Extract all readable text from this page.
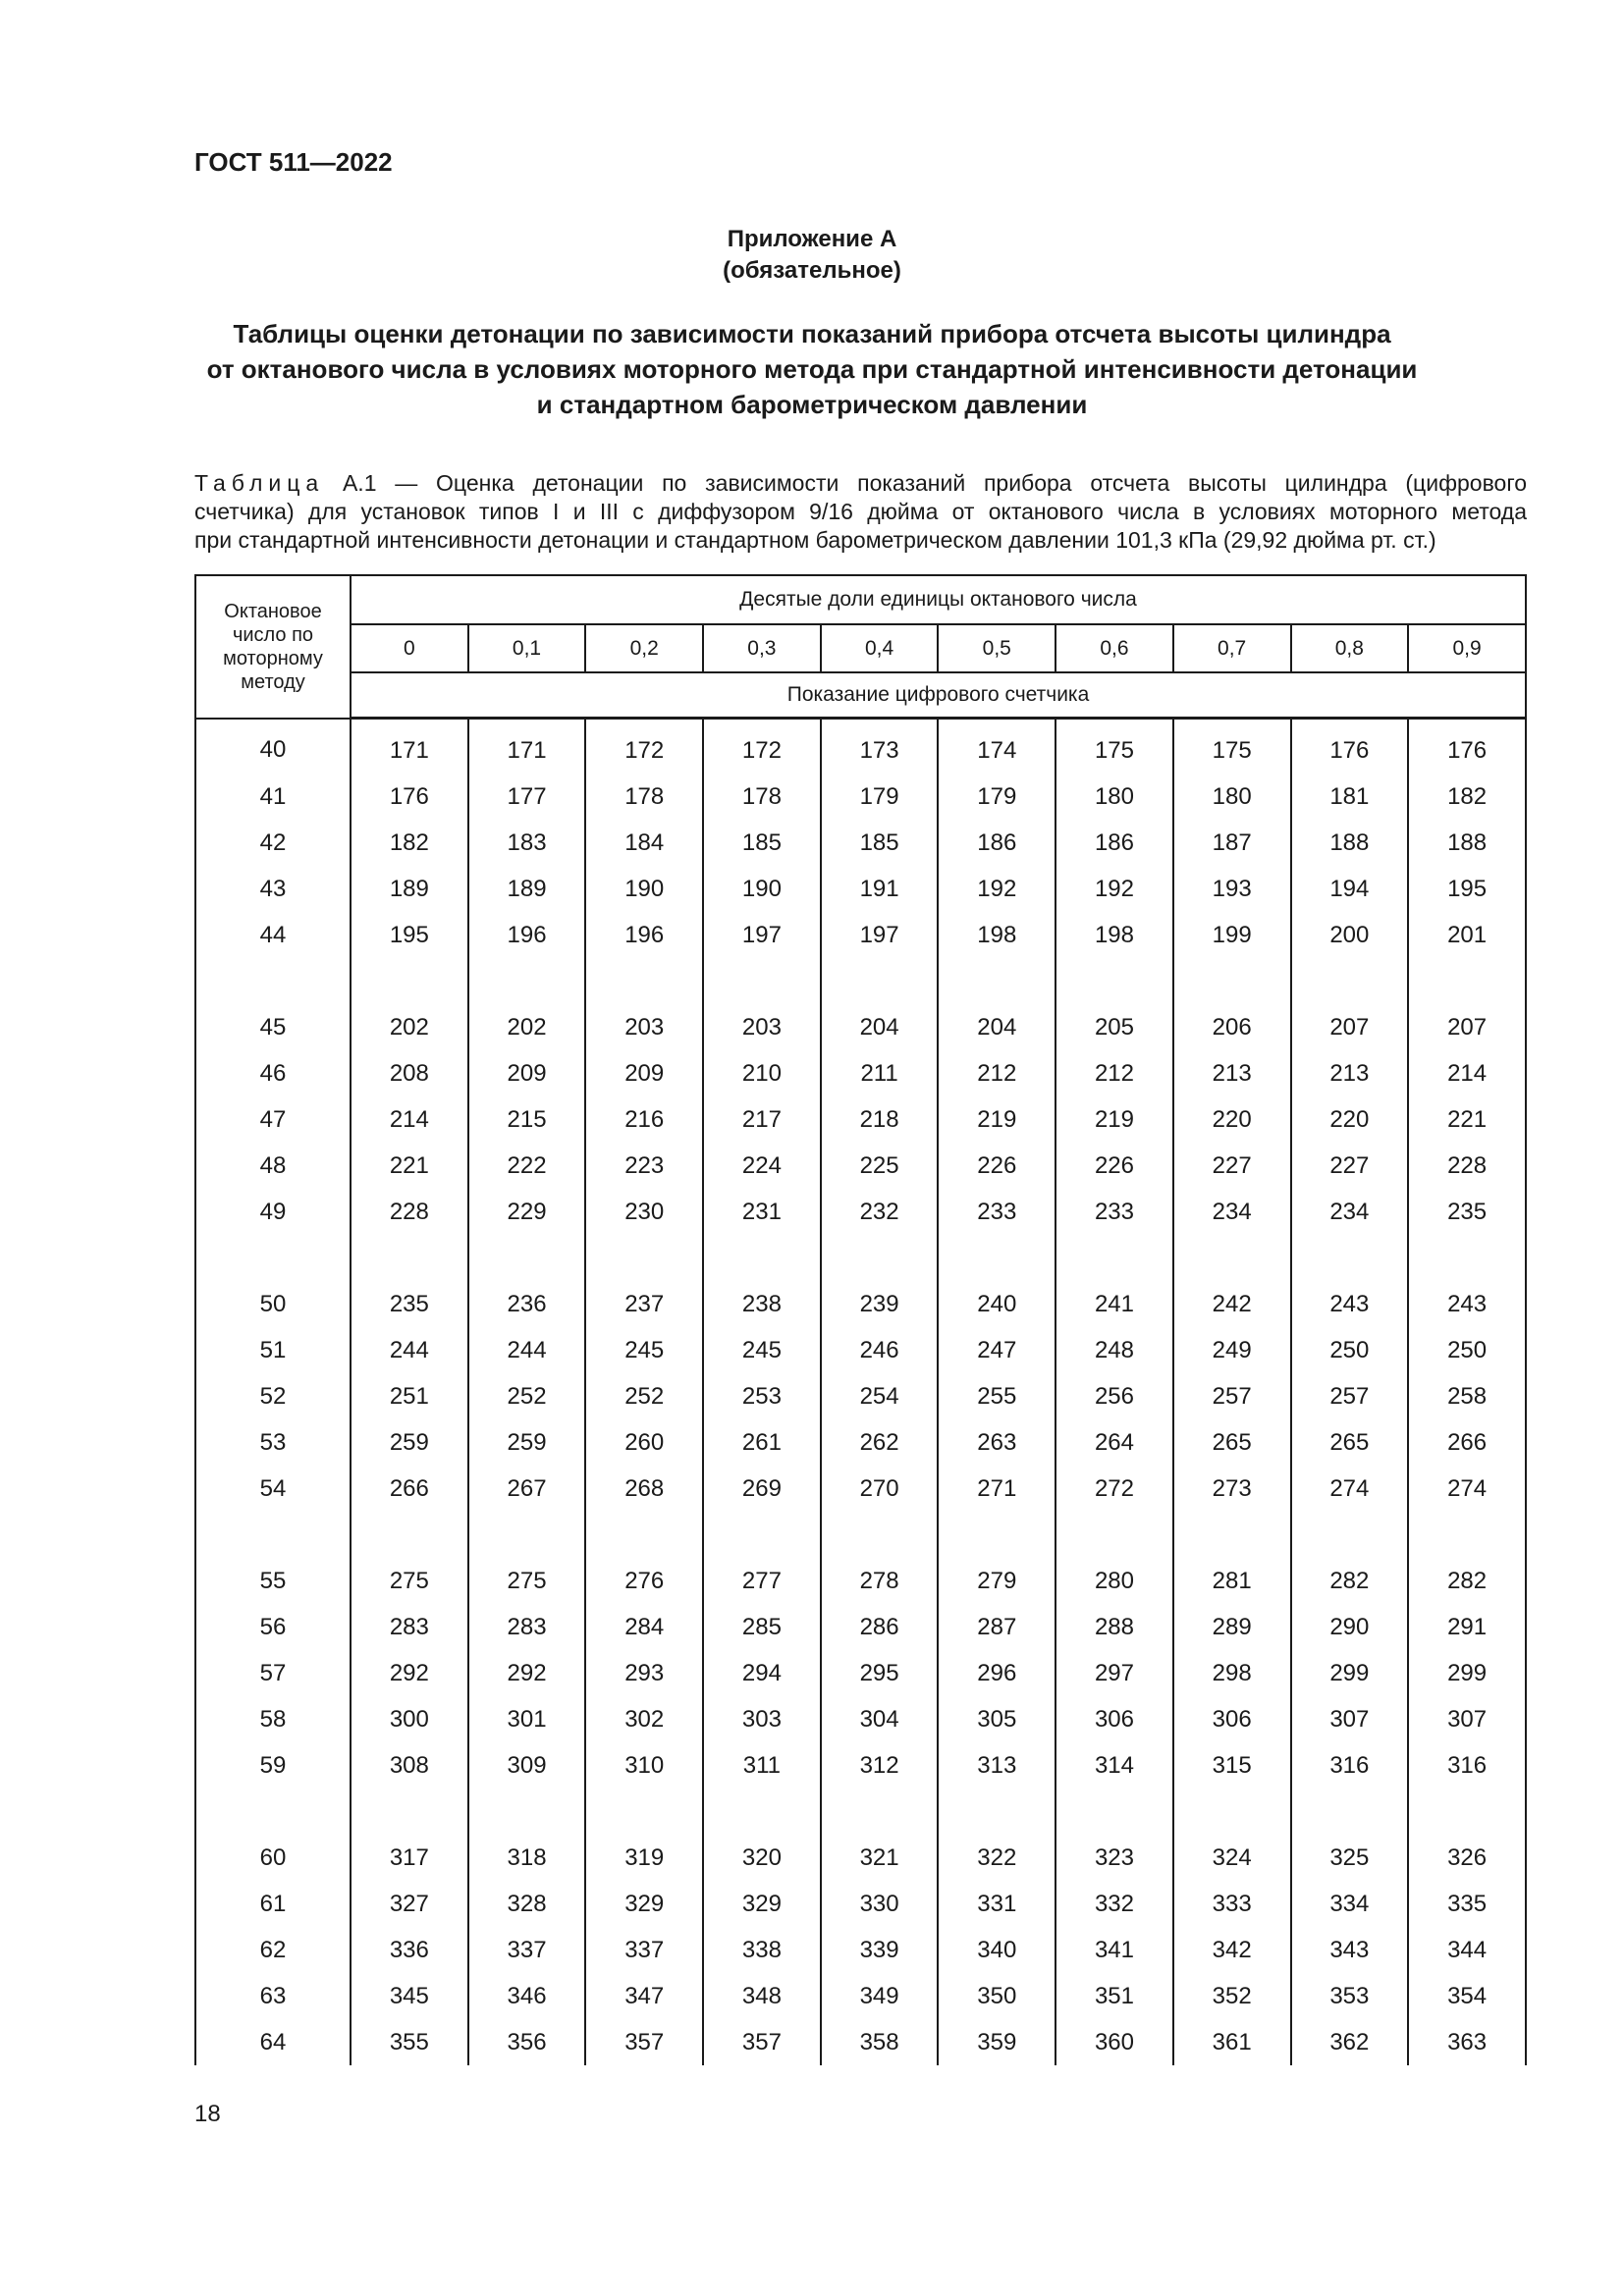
ГОСТ 511—2022
Приложение А
(обязательное)
Таблицы оценки детонации по зависимости показаний прибора отсчета высоты цилиндра
от октанового числа в условиях моторного метода при стандартной интенсивности детонации
и стандартном барометрическом давлении
Таблица А.1 — Оценка детонации по зависимости показаний прибора отсчета высоты цилиндра (цифрового
счетчика) для установок типов I и III с диффузором 9/16 дюйма от октанового числа в условиях моторного метода
при стандартной интенсивности детонации и стандартном барометрическом давлении 101,3 кПа (29,92 дюйма рт. ст.)
Октановое число по моторному методу	Десятые доли единицы октанового числа									
	0	0,1	0,2	0,3	0,4	0,5	0,6	0,7	0,8	0,9
	Показание цифрового счетчика									
40	171	171	172	172	173	174	175	175	176	176
41	176	177	178	178	179	179	180	180	181	182
42	182	183	184	185	185	186	186	187	188	188
43	189	189	190	190	191	192	192	193	194	195
44	195	196	196	197	197	198	198	199	200	201

45	202	202	203	203	204	204	205	206	207	207
46	208	209	209	210	211	212	212	213	213	214
47	214	215	216	217	218	219	219	220	220	221
48	221	222	223	224	225	226	226	227	227	228
49	228	229	230	231	232	233	233	234	234	235

50	235	236	237	238	239	240	241	242	243	243
51	244	244	245	245	246	247	248	249	250	250
52	251	252	252	253	254	255	256	257	257	258
53	259	259	260	261	262	263	264	265	265	266
54	266	267	268	269	270	271	272	273	274	274

55	275	275	276	277	278	279	280	281	282	282
56	283	283	284	285	286	287	288	289	290	291
57	292	292	293	294	295	296	297	298	299	299
58	300	301	302	303	304	305	306	306	307	307
59	308	309	310	311	312	313	314	315	316	316

60	317	318	319	320	321	322	323	324	325	326
61	327	328	329	329	330	331	332	333	334	335
62	336	337	337	338	339	340	341	342	343	344
63	345	346	347	348	349	350	351	352	353	354
64	355	356	357	357	358	359	360	361	362	363
18
